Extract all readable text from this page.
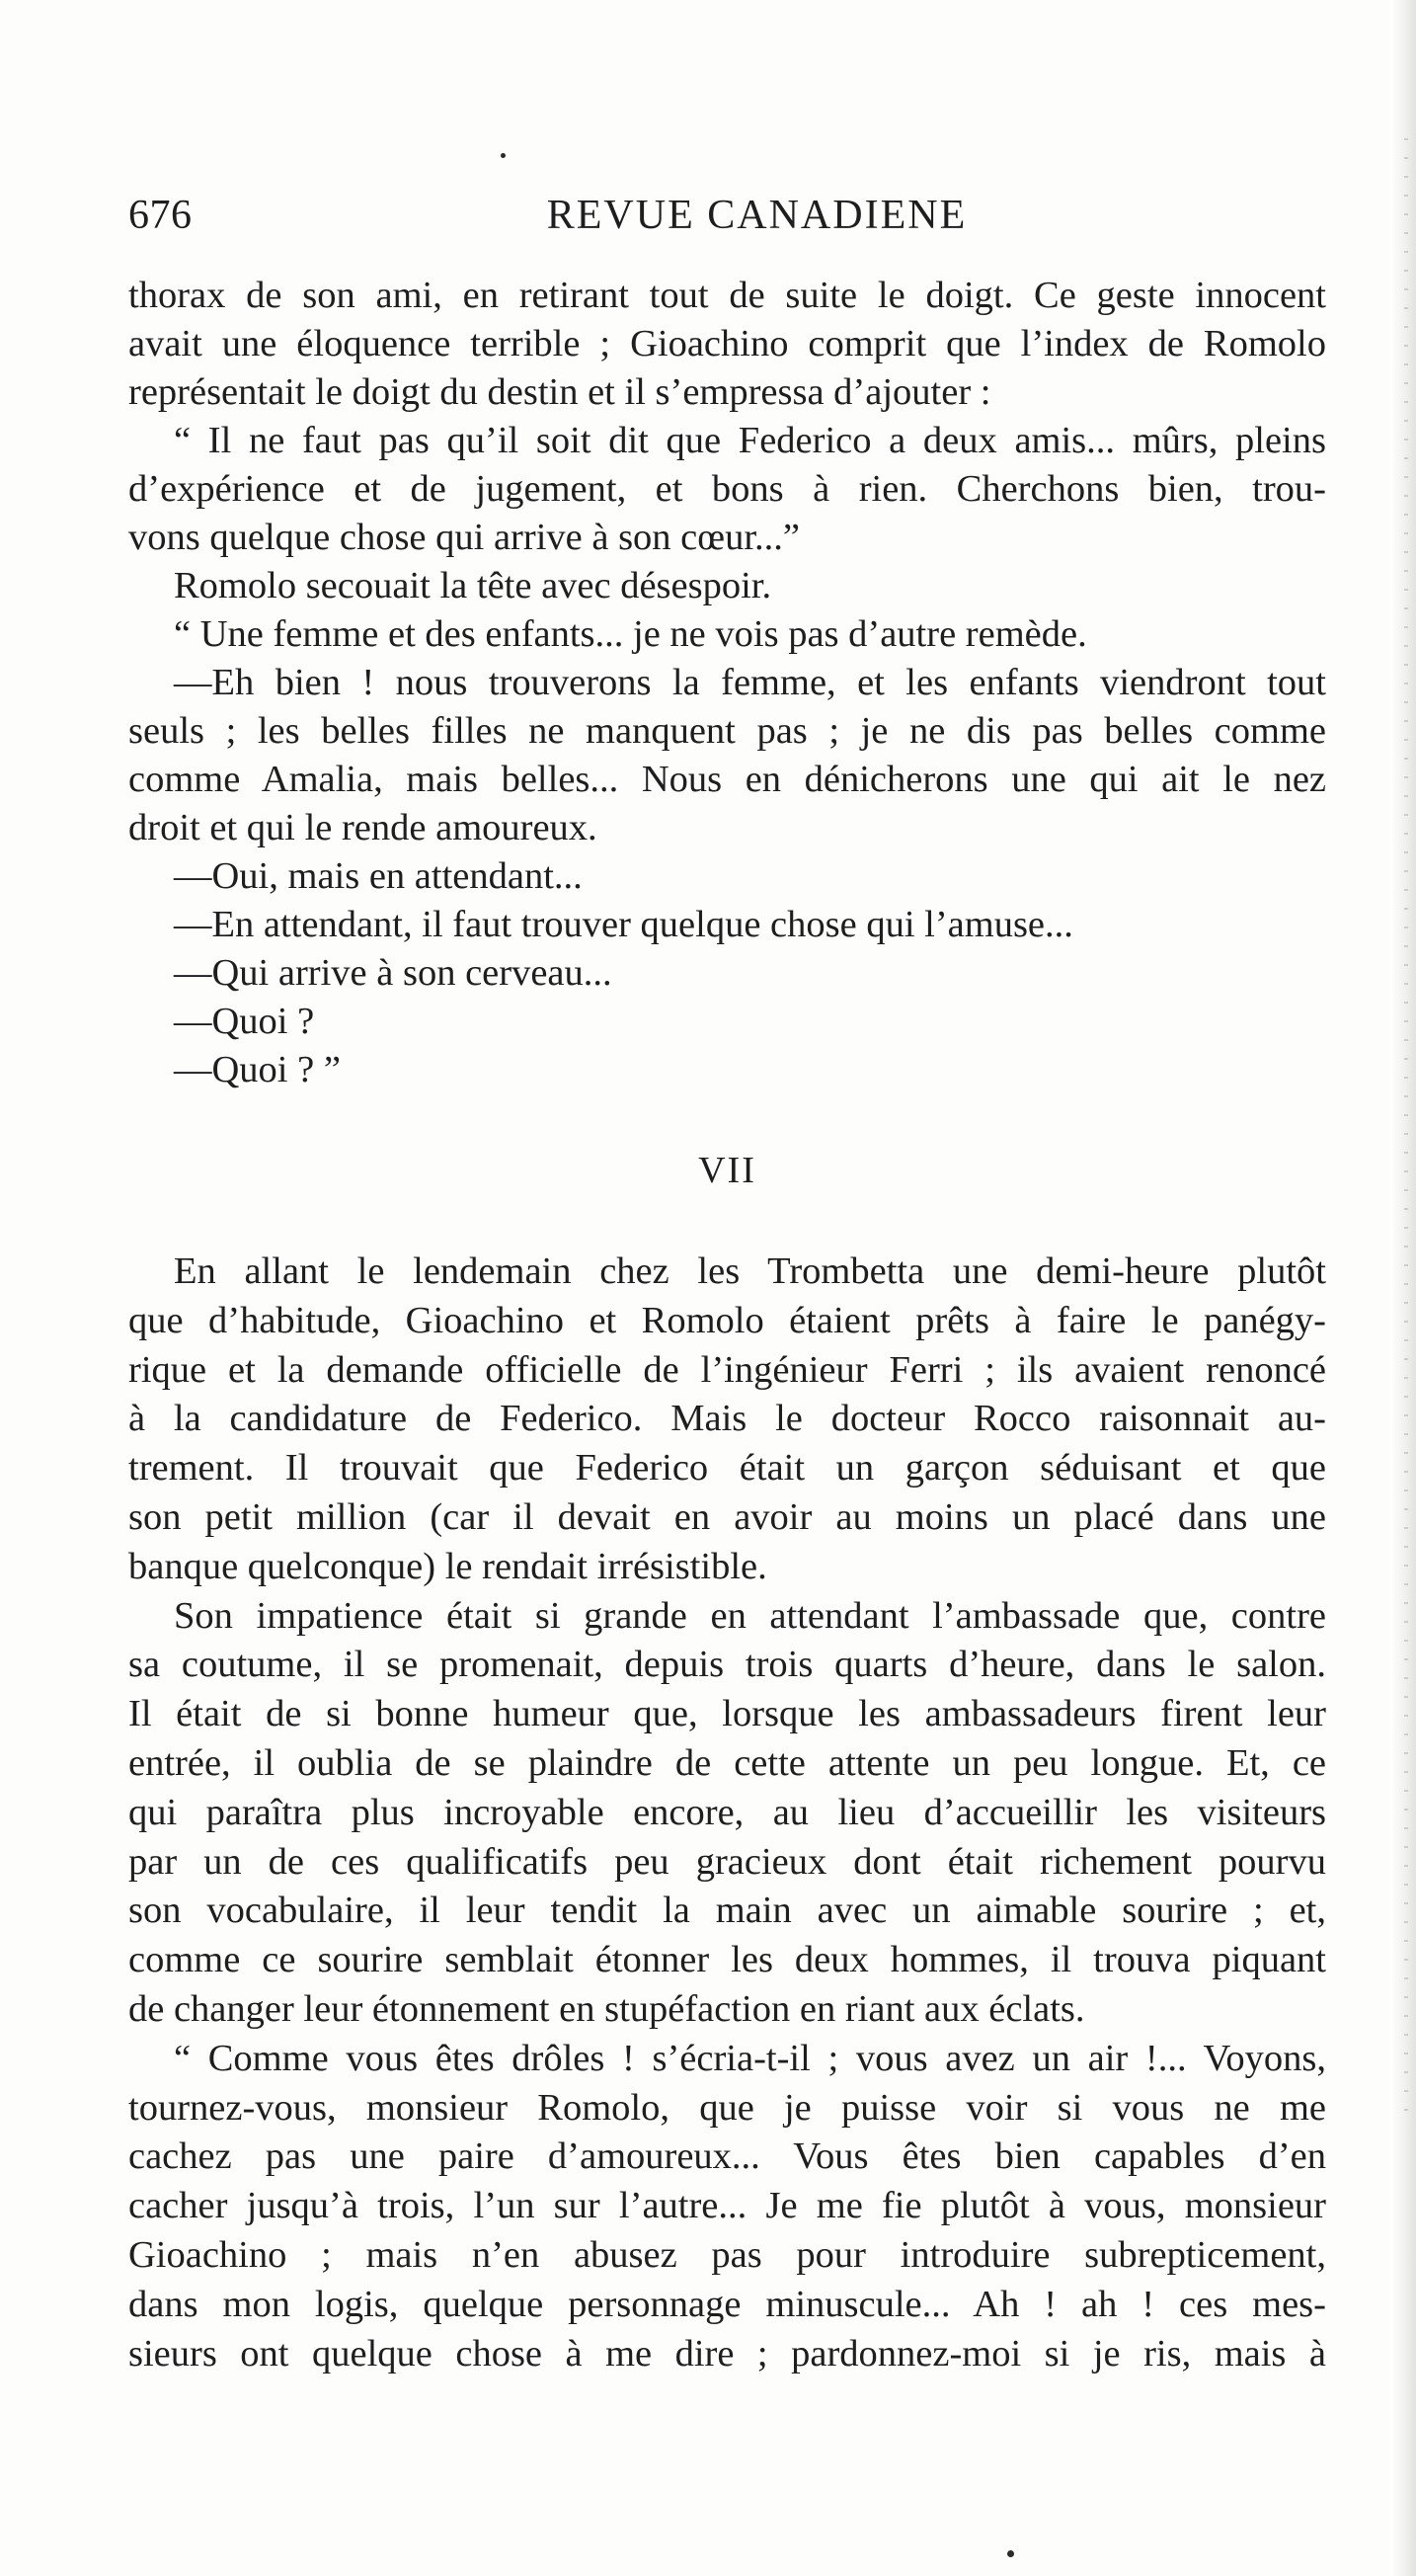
676	REVUE CANADIENE
thorax de son ami, en retirant tout de suite le doigt. Ce geste innocent
avait une éloquence terrible ; Gioachino comprit que l’index de Romolo
représentait le doigt du destin et il s’empressa d’ajouter :
“ Il ne faut pas qu’il soit dit que Federico a deux amis... mûrs, pleins
d’expérience et de jugement, et bons à rien. Cherchons bien, trou-
vons quelque chose qui arrive à son cœur...”
Romolo secouait la tête avec désespoir.
“ Une femme et des enfants... je ne vois pas d’autre remède.
—Eh bien ! nous trouverons la femme, et les enfants viendront tout
seuls ; les belles filles ne manquent pas ; je ne dis pas belles comme
comme Amalia, mais belles... Nous en dénicherons une qui ait le nez
droit et qui le rende amoureux.
—Oui, mais en attendant...
—En attendant, il faut trouver quelque chose qui l’amuse...
—Qui arrive à son cerveau...
—Quoi ?
—Quoi ? ”
VII
En allant le lendemain chez les Trombetta une demi-heure plutôt
que d’habitude, Gioachino et Romolo étaient prêts à faire le panégy-
rique et la demande officielle de l’ingénieur Ferri ; ils avaient renoncé
à la candidature de Federico. Mais le docteur Rocco raisonnait au-
trement. Il trouvait que Federico était un garçon séduisant et que
son petit million (car il devait en avoir au moins un placé dans une
banque quelconque) le rendait irrésistible.
Son impatience était si grande en attendant l’ambassade que, contre
sa coutume, il se promenait, depuis trois quarts d’heure, dans le salon.
Il était de si bonne humeur que, lorsque les ambassadeurs firent leur
entrée, il oublia de se plaindre de cette attente un peu longue. Et, ce
qui paraîtra plus incroyable encore, au lieu d’accueillir les visiteurs
par un de ces qualificatifs peu gracieux dont était richement pourvu
son vocabulaire, il leur tendit la main avec un aimable sourire ; et,
comme ce sourire semblait étonner les deux hommes, il trouva piquant
de changer leur étonnement en stupéfaction en riant aux éclats.
“ Comme vous êtes drôles ! s’écria-t-il ; vous avez un air !... Voyons,
tournez-vous, monsieur Romolo, que je puisse voir si vous ne me
cachez pas une paire d’amoureux... Vous êtes bien capables d’en
cacher jusqu’à trois, l’un sur l’autre... Je me fie plutôt à vous, monsieur
Gioachino ; mais n’en abusez pas pour introduire subrepticement,
dans mon logis, quelque personnage minuscule... Ah ! ah ! ces mes-
sieurs ont quelque chose à me dire ; pardonnez-moi si je ris, mais à
